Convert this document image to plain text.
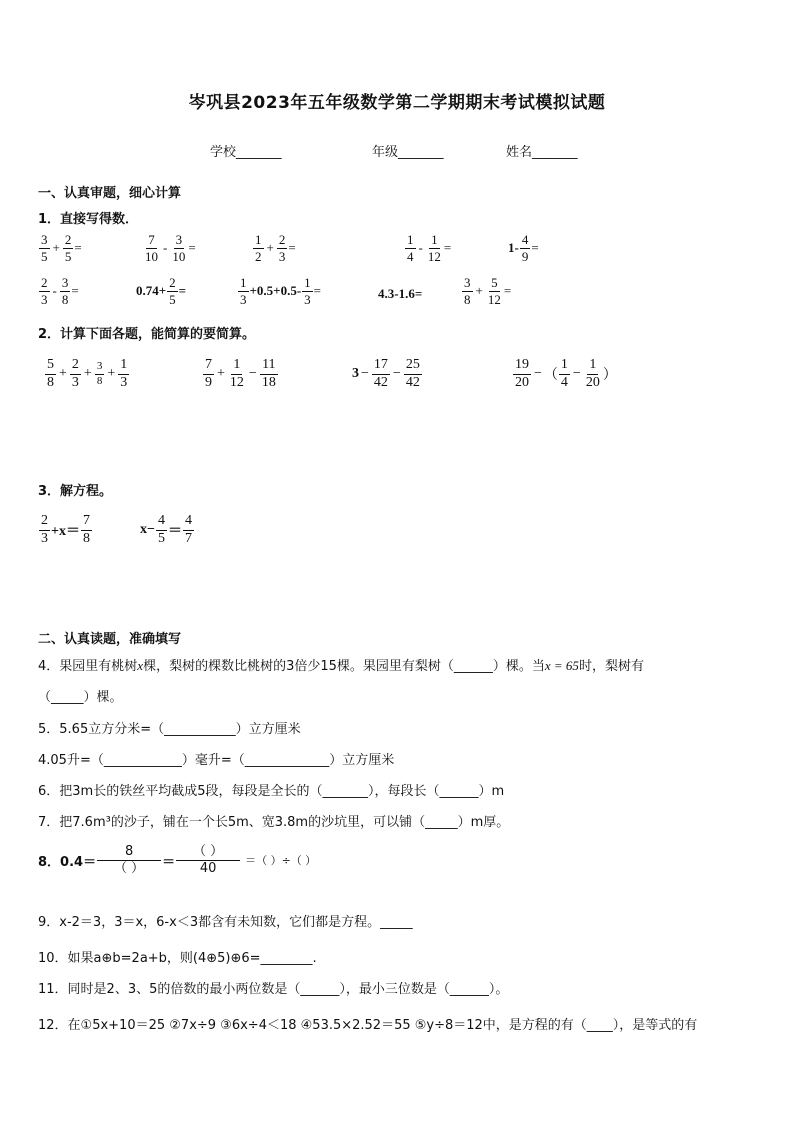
岑巩县2023年五年级数学第二学期期末考试模拟试题
学校_______	年级_______	姓名_______
一、认真审题，细心计算
1．直接写得数．
$\frac{3}{5} + \frac{2}{5}$ =	$\frac{7}{10} - \frac{3}{10}$ =	$\frac{1}{2} + \frac{2}{3}$ =	$\frac{1}{4} - \frac{1}{12}$ =	$1- \frac{4}{9}$ =
$\frac{2}{3} - \frac{3}{8}$ =	$0.74+ \frac{2}{5}$ =	$\frac{1}{3} +0.5+0.5- \frac{1}{3}$ =	4.3-1.6=	$\frac{3}{8} + \frac{5}{12}$ =
2．计算下面各题，能简算的要简算。
$\frac{5}{8} + \frac{2}{3} + \frac{3}{8} + \frac{1}{3}$	$\frac{7}{9} + \frac{1}{12} - \frac{11}{18}$	$3 - \frac{17}{42} - \frac{25}{42}$	$\frac{19}{20}$ − （ $\frac{1}{4} - \frac{1}{20}$ ）
3．解方程。
$\frac{2}{3} +x= \frac{7}{8}$	$x- \frac{4}{5} = \frac{4}{7}$
二、认真读题，准确填写
4．果园里有桃树x棵，梨树的棵数比桃树的3倍少15棵。果园里有梨树（______）棵。当x = 65时，梨树有
（_____）棵。
5．5.65立方分米=（___________）立方厘米
4.05升=（____________）毫升=（_____________）立方厘米
6．把3m长的铁丝平均截成5段，每段是全长的（_______），每段长（______）m
7．把7.6m³的沙子，铺在一个长5m、宽3.8m的沙坑里，可以铺（_____）m厚。
8．$0.4= \frac{8}{( )} = \frac{( )}{40}$ ＝（ ）÷（ ）
9．x-2＝3，3＝x，6-x＜3都含有未知数，它们都是方程。_____
10．如果a⊕b=2a+b，则(4⊕5)⊕6=________.
11．同时是2、3、5的倍数的最小两位数是（______），最小三位数是（______）。
12．在①5x+10＝25 ②7x÷9 ③6x÷4＜18 ④53.5×2.52＝55 ⑤y÷8＝12中，是方程的有（____），是等式的有
